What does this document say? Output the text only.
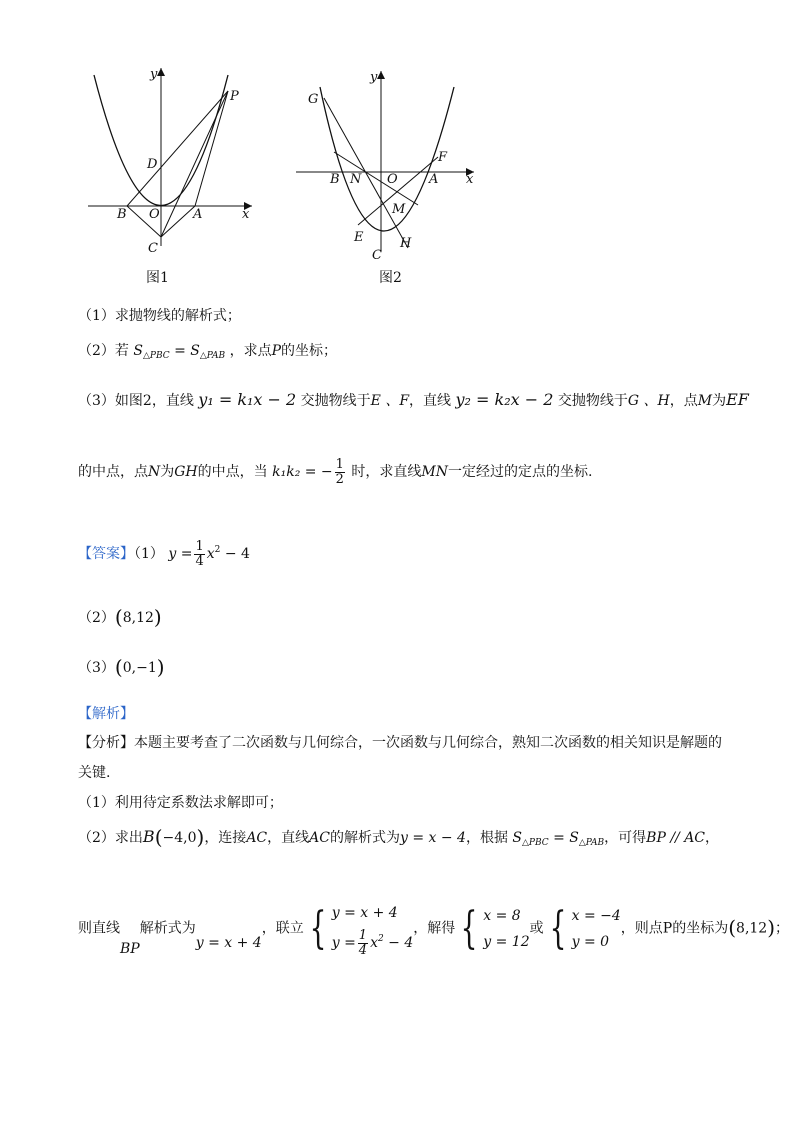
P
D
B O	A
C
x
y
图1
G
F
B N O A
M
E	H
C
x
y
图2
（1）求抛物线的解析式；
（2）若 $S_{\triangle PBC} = S_{\triangle PAB}$ ，求点P的坐标；
（3）如图2，直线 y₁ = k₁x − 2 交抛物线于E 、F，直线 y₂ = k₂x − 2 交抛物线于G 、H，点M为EF
的中点，点N为GH的中点，当 k₁k₂ = − $\frac{1}{2}$ 时，求直线MN一定经过的定点的坐标.
【答案】（1） $y = \frac{1}{4} x^2 - 4$
（2）(8,12)
（3）(0,−1)
【解析】
【分析】本题主要考查了二次函数与几何综合，一次函数与几何综合，熟知二次函数的相关知识是解题的
关键.
（1）利用待定系数法求解即可；
（2）求出B(−4,0)，连接AC，直线AC的解析式为y = x − 4，根据 $S_{\triangle PBC} = S_{\triangle PAB}$，可得BP // AC，
则直线BP解析式为y = x + 4，联立 { y = x + 4
$y = \frac{1}{4} x^2 - 4$，解得 { x = 8
y = 12或 { x = −4
y = 0，则点P的坐标为(8,12)；
